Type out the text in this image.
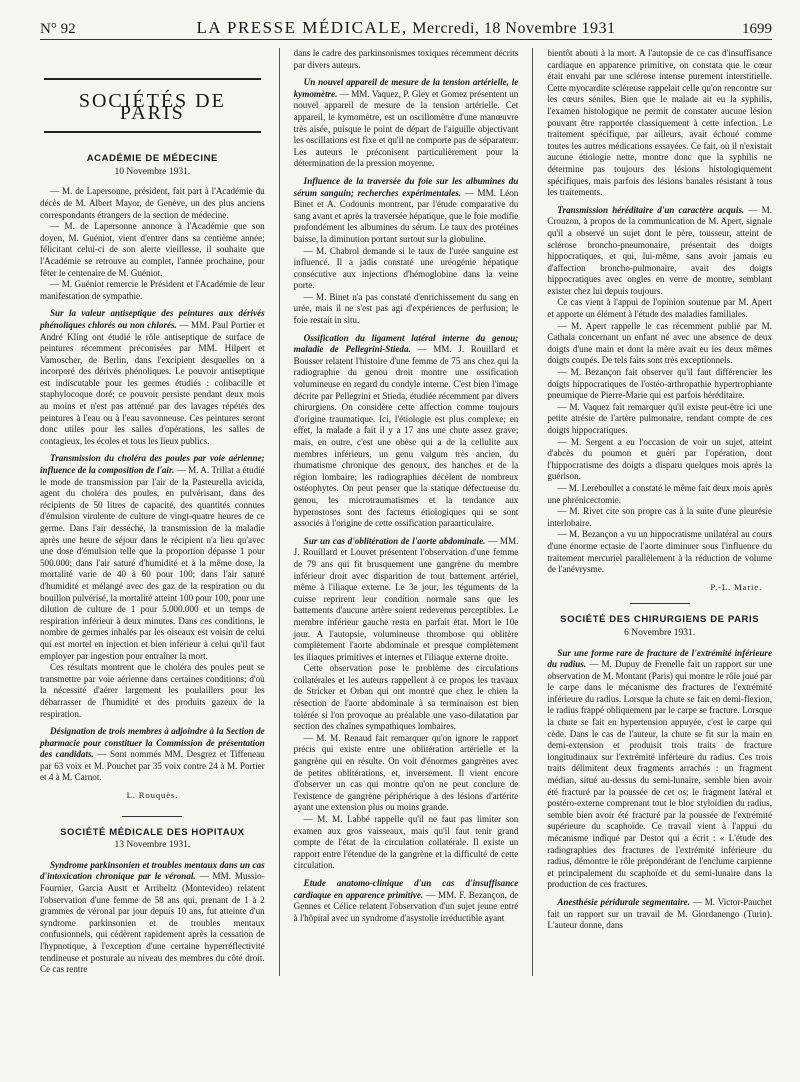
N° 92	LA PRESSE MÉDICALE, Mercredi, 18 Novembre 1931	1699
SOCIÉTÉS DE PARIS
ACADÉMIE DE MÉDECINE
10 Novembre 1931.

— M. de Lapersonne, président, fait part à l'Académie du décès de M. Albert Mayor, de Genève, un des plus anciens correspondants étrangers de la section de médecine.

— M. de Lapersonne annonce à l'Académie que son doyen, M. Guéniot, vient d'entrer dans sa centième année; félicitant celui-ci de son alerte vieillesse, il souhaite que l'Académie se retrouve au complet, l'année prochaine, pour fêter le centenaire de M. Guéniot.

— M. Guéniot remercie le Président et l'Académie de leur manifestation de sympathie.

Sur la valeur antiseptique des peintures aux dérivés phénoliques chlorés ou non chlorés. — MM. Paul Portier et André Kling ont étudié le rôle antiseptique de surface de peintures récemment préconisées par MM. Hilpert et Vamoscher, de Berlin, dans l'excipient desquelles on a incorporé des dérivés phénoliques. Le pouvoir antiseptique est indiscutable pour les germes étudiés : colibacille et staphylocoque doré; ce pouvoir persiste pendant deux mois au moins et n'est pas atténué par des lavages répétés des peintures à l'eau ou à l'eau savonneuse. Ces peintures seront donc utiles pour les salles d'opérations, les salles de contagieux, les écoles et tous les lieux publics.

Transmission du choléra des poules par voie aérienne; influence de la composition de l'air. — M. A. Trillat a étudié le mode de transmission par l'air de la Pasteurella avicida, agent du choléra des poules, en pulvérisant, dans des récipients de 50 litres de capacité, des quantités connues d'émulsion virulente de culture de vingt-quatre heures de ce germe. Dans l'air desséché, la transmission de la maladie après une heure de séjour dans le récipient n'a lieu qu'avec une dose d'émulsion telle que la proportion dépasse 1 pour 500.000; dans l'air saturé d'humidité et à la même dose, la mortalité varie de 40 à 60 pour 100; dans l'air saturé d'humidité et mélangé avec des gaz de la respiration ou du bouillon pulvérisé, la mortalité atteint 100 pour 100, pour une dilution de culture de 1 pour 5.000.000 et un temps de respiration inférieur à deux minutes. Dans ces conditions, le nombre de germes inhalés par les oiseaux est voisin de celui qui est mortel en injection et bien inférieur à celui qu'il faut employer par ingestion pour entraîner la mort.

Ces résultats montrent que le choléra des poules peut se transmettre par voie aérienne dans certaines conditions; d'où la nécessité d'aérer largement les poulaillers pour les débarrasser de l'humidité et des produits gazeux de la respiration.

Désignation de trois membres à adjoindre à la Section de pharmacie pour constituer la Commission de présentation des candidats. — Sont nommés MM. Desgrez et Tiffeneau par 63 voix et M. Pouchet par 35 voix contre 24 à M. Portier et 4 à M. Carnot.

L. Rouquès.
SOCIÉTÉ MÉDICALE DES HOPITAUX
13 Novembre 1931.

Syndrome parkinsonien et troubles mentaux dans un cas d'intoxication chronique par le véronal. — MM. Mussio-Fournier, Garcia Austt et Arribeltz (Montevideo) relatent l'observation d'une femme de 58 ans qui, prenant de 1 à 2 grammes de véronal par jour depuis 10 ans, fut atteinte d'un syndrome parkinsonien et de troubles mentaux confusionnels, qui cédèrent rapidement après la cessation de l'hypnotique, à l'exception d'une certaine hyperréflectivité tendineuse et posturale au niveau des membres du côté droit. Ce cas rentre

dans le cadre des parkinsonismes toxiques récemment décrits par divers auteurs.

Un nouvel appareil de mesure de la tension artérielle, le kymomètre. — MM. Vaquez, P. Gley et Gomez présentent un nouvel appareil de mesure de la tension artérielle. Cet appareil, le kymomètre, est un oscillomètre d'une manœuvre très aisée, puisque le point de départ de l'aiguille objectivant les oscillations est fixe et qu'il ne comporte pas de séparateur. Les auteurs le préconisent particulièrement pour la détermination de la pression moyenne.

Influence de la traversée du foie sur les albumines du sérum sanguin; recherches expérimentales. — MM. Léon Binet et A. Codounis montrent, par l'étude comparative du sang avant et après la traversée hépatique, que le foie modifie profondément les albumines du sérum. Le taux des protéines baisse, la diminution portant surtout sur la globuline.

— M. Chabrol demande si le taux de l'urée sanguine est influencé. Il a jadis constaté une uréogénie hépatique consécutive aux injections d'hémoglobine dans la veine porte.

— M. Binet n'a pas constaté d'enrichissement du sang en urée, mais il ne s'est pas agi d'expériences de perfusion; le foie restait in situ.

Ossification du ligament latéral interne du genou; maladie de Pellegrini-Stieda. — MM. J. Rouillard et Bousser relatent l'histoire d'une femme de 75 ans chez qui la radiographie du genou droit montre une ossification volumineuse en regard du condyle interne. C'est bien l'image décrite par Pellegrini et Stieda, étudiée récemment par divers chirurgiens. On considère cette affection comme toujours d'origine traumatique. Ici, l'étiologie est plus complexe; en effet, la malade a fait il y a 17 ans une chute assez grave; mais, en outre, c'est une obèse qui a de la cellulite aux membres inférieurs, un genu valgum très ancien, du rhumatisme chronique des genoux, des hanches et de la région lombaire; les radiographies décèlent de nombreux ostéophytes. On peut penser que la statique défectueuse du genou, les microtraumatismes et la tendance aux hyperostoses sont des facteurs étiologiques qui se sont associés à l'origine de cette ossification paraarticulaire.

Sur un cas d'oblitération de l'aorte abdominale. — MM. J. Rouillard et Louvet présentent l'observation d'une femme de 79 ans qui fit brusquement une gangrène du membre inférieur droit avec disparition de tout battement artériel, même à l'iliaque externe. Le 3e jour, les téguments de la cuisse reprirent leur condition normale sans que les battements d'aucune artère soient redevenus perceptibles. Le membre inférieur gauche resta en parfait état. Mort le 10e jour. A l'autopsie, volumineuse thrombose qui oblitère complètement l'aorte abdominale et presque complètement les iliaques primitives et internes et l'iliaque externe droite.

Cette observation pose le problème des circulations collatérales et les auteurs rappellent à ce propos les travaux de Stricker et Orban qui ont montré que chez le chien la résection de l'aorte abdominale à sa terminaison est bien tolérée si l'on provoque au préalable une vaso-dilatation par section des chaînes sympathiques lombaires.

— M. M. Renaud fait remarquer qu'on ignore le rapport précis qui existe entre une oblitération artérielle et la gangrène qui en résulte. On voit d'énormes gangrènes avec de petites oblitérations, et, inversement. Il vient encore d'observer un cas qui montre qu'on ne peut conclure de l'existence de gangrène périphérique à des lésions d'artérite ayant une extension plus ou moins grande.

— M. M. Labbé rappelle qu'il ne faut pas limiter son examen aux gros vaisseaux, mais qu'il faut tenir grand compte de l'état de la circulation collatérale. Il existe un rapport entre l'étendue de la gangrène et la difficulté de cette circulation.

Etude anatomo-clinique d'un cas d'insuffisance cardiaque en apparence primitive. — MM. F. Bezançon, de Gennes et Célice relatent l'observation d'un sujet jeune entré à l'hôpital avec un syndrome d'asystolie irréductible ayant

bientôt abouti à la mort. A l'autopsie de ce cas d'insuffisance cardiaque en apparence primitive, on constata que le cœur était envahi par une sclérose intense purement interstitielle. Cette myocardite scléreuse rappelait celle qu'on rencontre sur les cœurs séniles. Bien que le malade ait eu la syphilis, l'examen histologique ne permit de constater aucune lésion pouvant être rapportée classiquement à cette infection. Le traitement spécifique, par ailleurs, avait échoué comme toutes les autres médications essayées. Ce fait, où il n'existait aucune étiologie nette, montre donc que la syphilis ne détermine pas toujours des lésions histologiquement spécifiques, mais parfois des lésions banales résistant à tous les traitements.

Transmission héréditaire d'un caractère acquis. — M. Crouzon, à propos de la communication de M. Apert, signale qu'il a observé un sujet dont le père, tousseur, atteint de sclérose broncho-pneumonaire, présentait des doigts hippocratiques, et qui, lui-même, sans avoir jamais eu d'affection broncho-pulmonaire, avait des doigts hippocratiques avec ongles en verre de montre, semblant exister chez lui depuis toujours.

Ce cas vient à l'appui de l'opinion soutenue par M. Apert et apporte un élément à l'étude des maladies familiales.

— M. Apert rappelle le cas récemment publié par M. Cathala concernant un enfant né avec une absence de deux doigts d'une main et dont la mère avait eu les deux mêmes doigts coupés. De tels faits sont très exceptionnels.

— M. Bezançon fait observer qu'il faut différencier les doigts hippocratiques de l'ostéo-arthropathie hypertrophiante pneumique de Pierre-Marie qui est parfois héréditaire.

— M. Vaquez fait remarquer qu'il existe peut-être ici une petite atrésie de l'artère pulmonaire, rendant compte de ces doigts hippocratiques.

— M. Sergent a eu l'occasion de voir un sujet, atteint d'abcès du poumon et guéri par l'opération, dont l'hippocratisme des doigts a disparu quelques mois après la guérison.

— M. Lereboullet a constaté le même fait deux mois après une phrénicectomie.

— M. Rivet cite son propre cas à la suite d'une pleurésie interlobaire.

— M. Bezançon a vu un hippocratisme unilatéral au cours d'une énorme ectasie de l'aorte diminuer sous l'influence du traitement mercuriel parallèlement à la réduction de volume de l'anévrysme.

P.-L. Marie.
SOCIÉTÉ DES CHIRURGIENS DE PARIS
6 Novembre 1931.

Sur une forme rare de fracture de l'extrémité inférieure du radius. — M. Dupuy de Frenelle fait un rapport sur une observation de M. Montant (Paris) qui montre le rôle joué par le carpe dans le mécanisme des fractures de l'extrémité inférieure du radius. Lorsque la chute se fait en demi-flexion, le radius frappé obliquement par le carpe se fracture. Lorsque la chute se fait en hypertension appuyée, c'est le carpe qui cède. Dans le cas de l'auteur, la chute se fit sur la main en demi-extension et produisit trois traits de fracture longitudinaux sur l'extrémité inférieure du radius. Ces trois traits délimitent deux fragments arrachés : un fragment médian, situé au-dessus du semi-lunaire, semble bien avoir été fracturé par la poussée de cet os; le fragment latéral et postéro-externe comprenant tout le bloc styloïdien du radius, semble bien avoir été fracturé par la poussée de l'extrémité supérieure du scaphoïde. Ce travail vient à l'appui du mécanisme indiqué par Destot qui a écrit : « L'étude des radiographies des fractures de l'extrémité inférieure du radius, démontre le rôle prépondérant de l'enclume carpienne et principalement du scaphoïde et du semi-lunaire dans la production de ces fractures.

Anesthésie péridurale segmentaire. — M. Victor-Pauchet fait un rapport sur un travail de M. Giordanengo (Turin). L'auteur donne, dans
